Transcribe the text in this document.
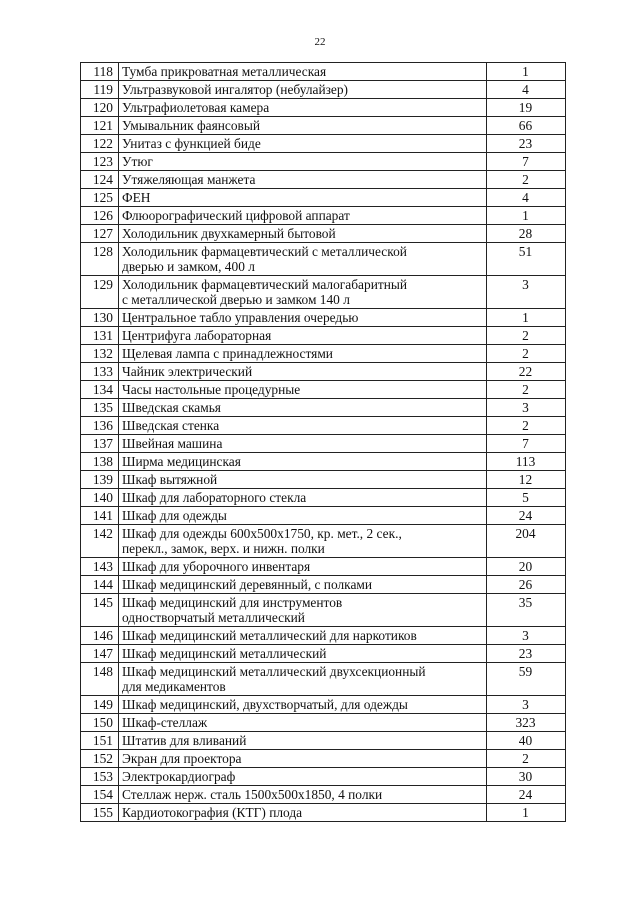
22
118	Тумба прикроватная металлическая	1
119	Ультразвуковой ингалятор (небулайзер)	4
120	Ультрафиолетовая камера	19
121	Умывальник фаянсовый	66
122	Унитаз с функцией биде	23
123	Утюг	7
124	Утяжеляющая манжета	2
125	ФЕН	4
126	Флюорографический цифровой аппарат	1
127	Холодильник двухкамерный бытовой	28
128	Холодильник фармацевтический с металлической
дверью и замком, 400 л	51
129	Холодильник фармацевтический малогабаритный
с металлической дверью и замком 140 л	3
130	Центральное табло управления очередью	1
131	Центрифуга лабораторная	2
132	Щелевая лампа с принадлежностями	2
133	Чайник электрический	22
134	Часы настольные процедурные	2
135	Шведская скамья	3
136	Шведская стенка	2
137	Швейная машина	7
138	Ширма медицинская	113
139	Шкаф вытяжной	12
140	Шкаф для лабораторного стекла	5
141	Шкаф для одежды	24
142	Шкаф для одежды 600х500х1750, кр. мет., 2 сек.,
перекл., замок, верх. и нижн. полки	204
143	Шкаф для уборочного инвентаря	20
144	Шкаф медицинский деревянный, с полками	26
145	Шкаф медицинский для инструментов
одностворчатый металлический	35
146	Шкаф медицинский металлический для наркотиков	3
147	Шкаф медицинский металлический	23
148	Шкаф медицинский металлический двухсекционный
для медикаментов	59
149	Шкаф медицинский, двухстворчатый, для одежды	3
150	Шкаф-стеллаж	323
151	Штатив для вливаний	40
152	Экран для проектора	2
153	Электрокардиограф	30
154	Стеллаж нерж. сталь 1500х500х1850, 4 полки	24
155	Кардиотокография (КТГ) плода	1
